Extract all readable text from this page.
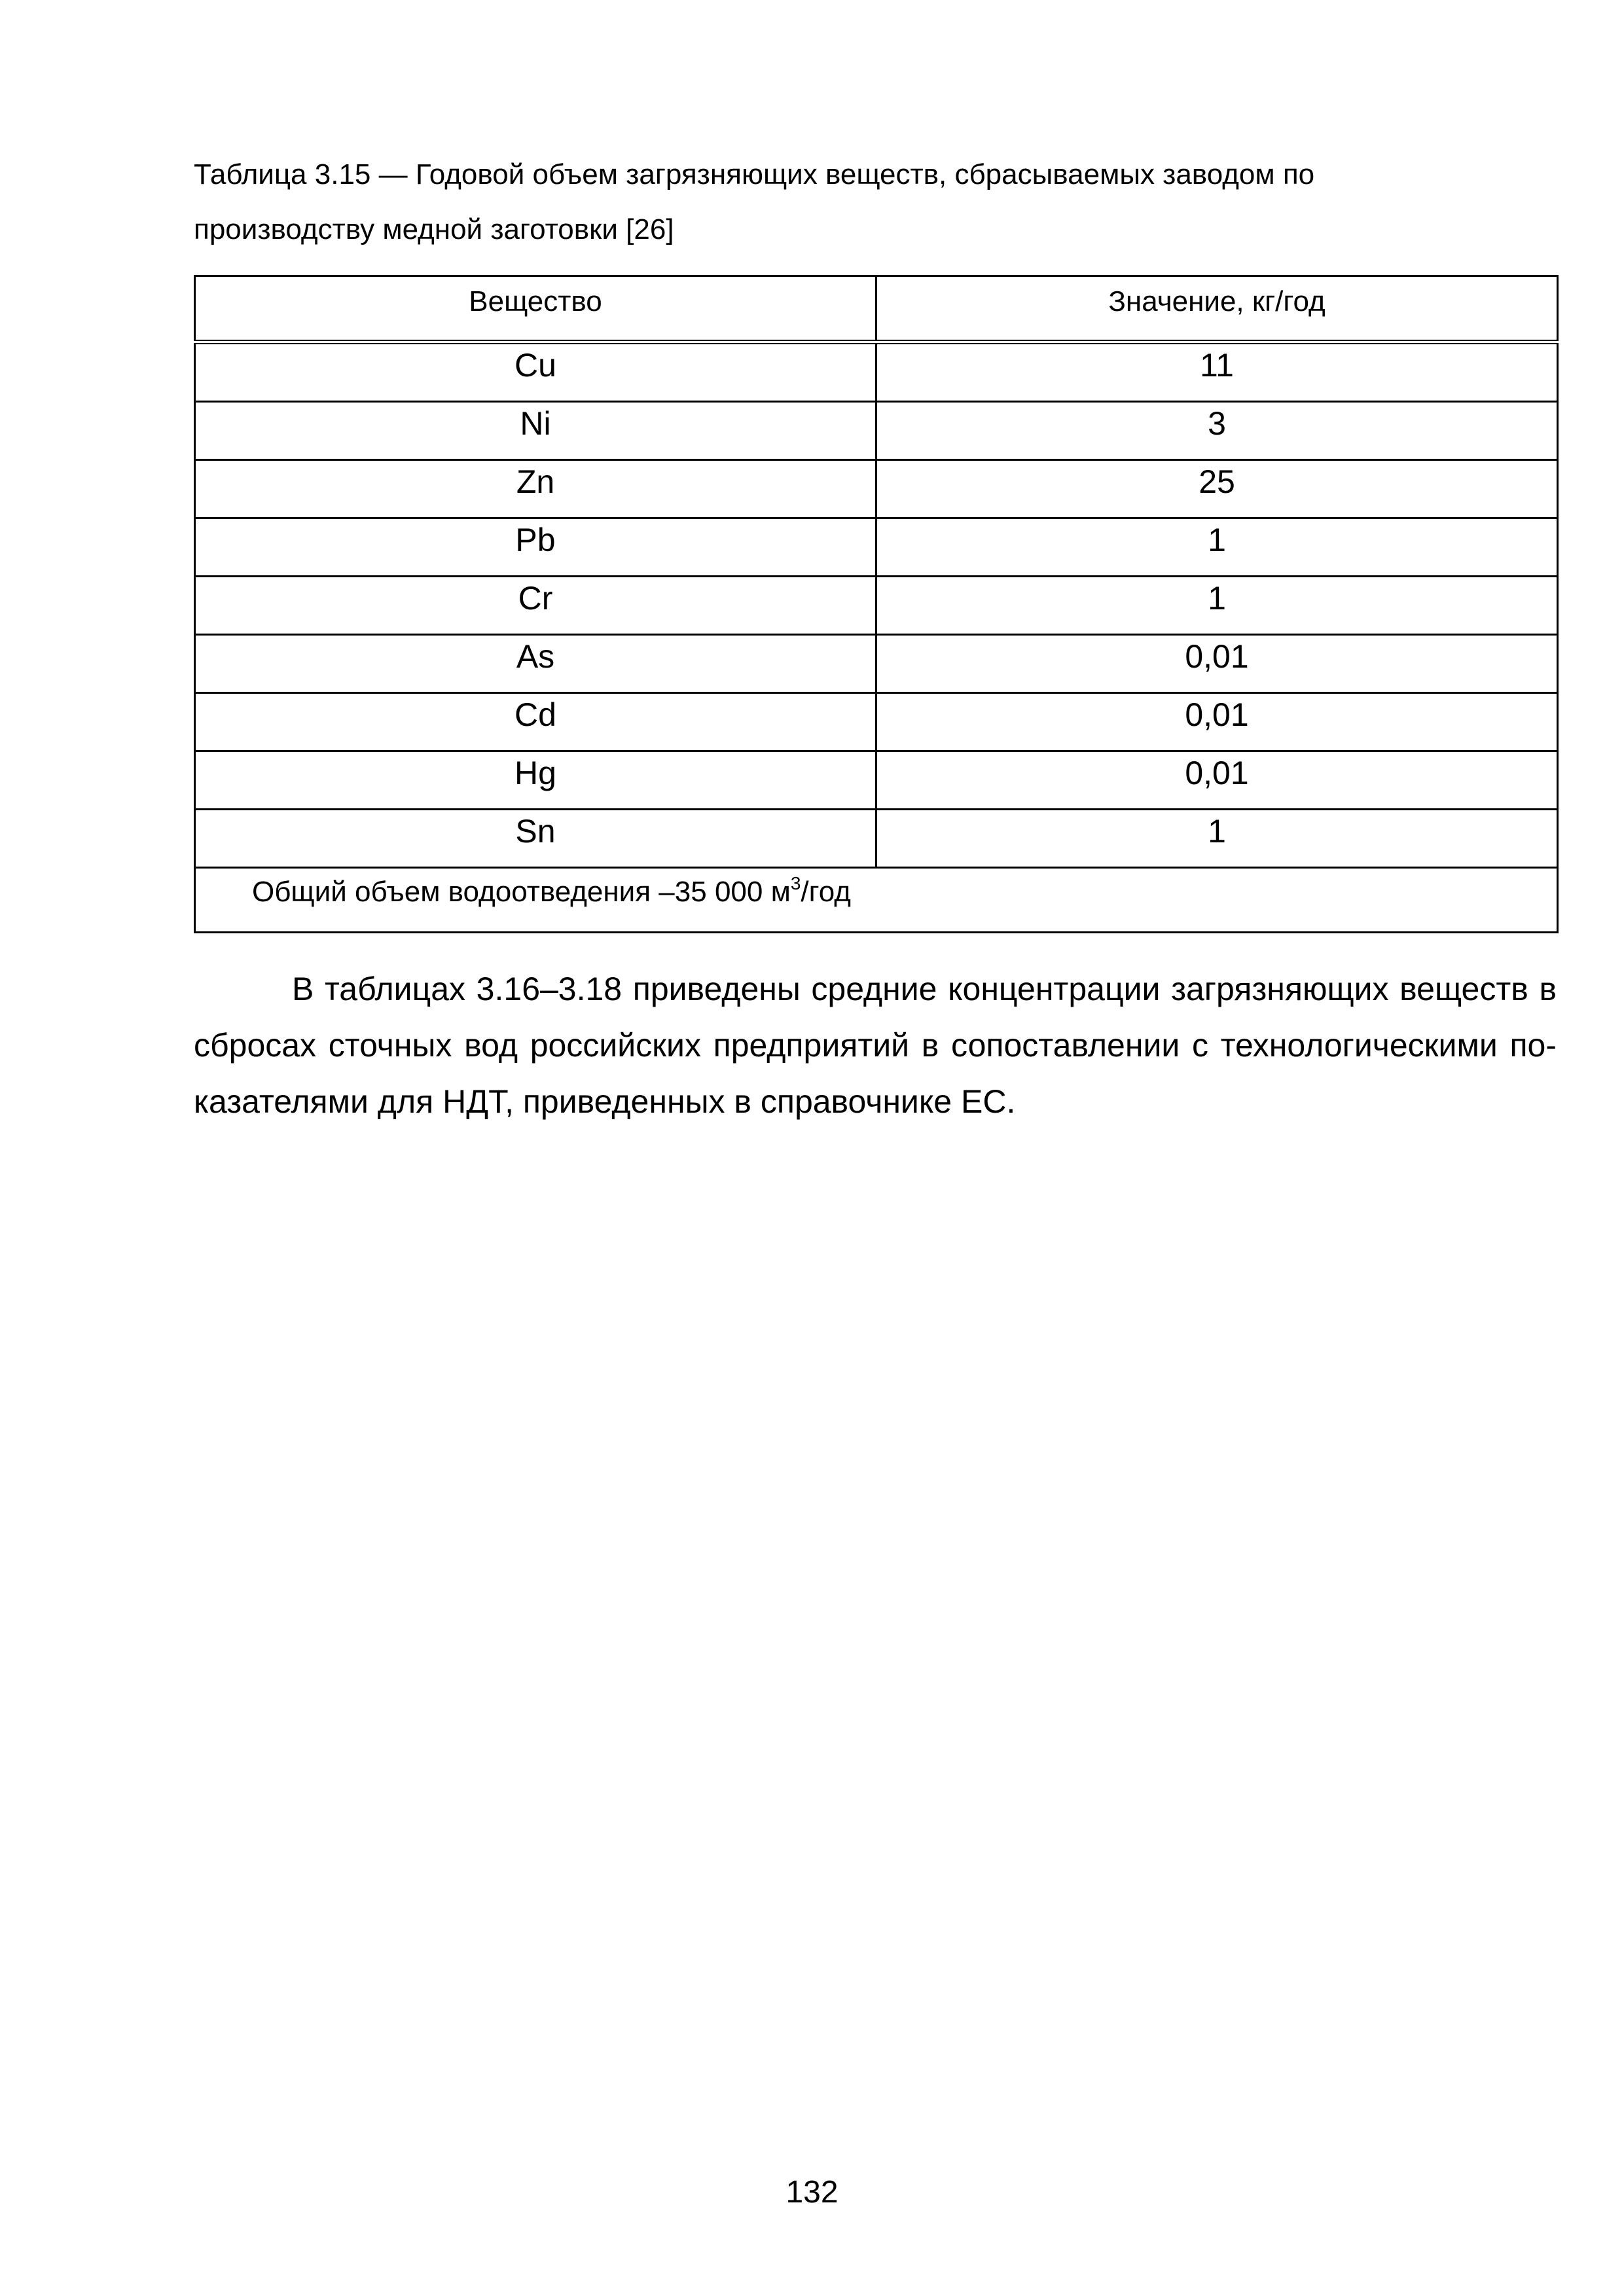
Таблица 3.15 — Годовой объем загрязняющих веществ, сбрасываемых заводом по
производству медной заготовки [26]
Вещество	Значение, кг/год
Cu	11
Ni	3
Zn	25
Pb	1
Cr	1
As	0,01
Cd	0,01
Hg	0,01
Sn	1
Общий объем водоотведения –35 000 $м^3$/год	
В таблицах 3.16–3.18 приведены средние концентрации загрязняющих веществ в
сбросах сточных вод российских предприятий в сопоставлении с технологическими по-
казателями для НДТ, приведенных в справочнике ЕС.
132
